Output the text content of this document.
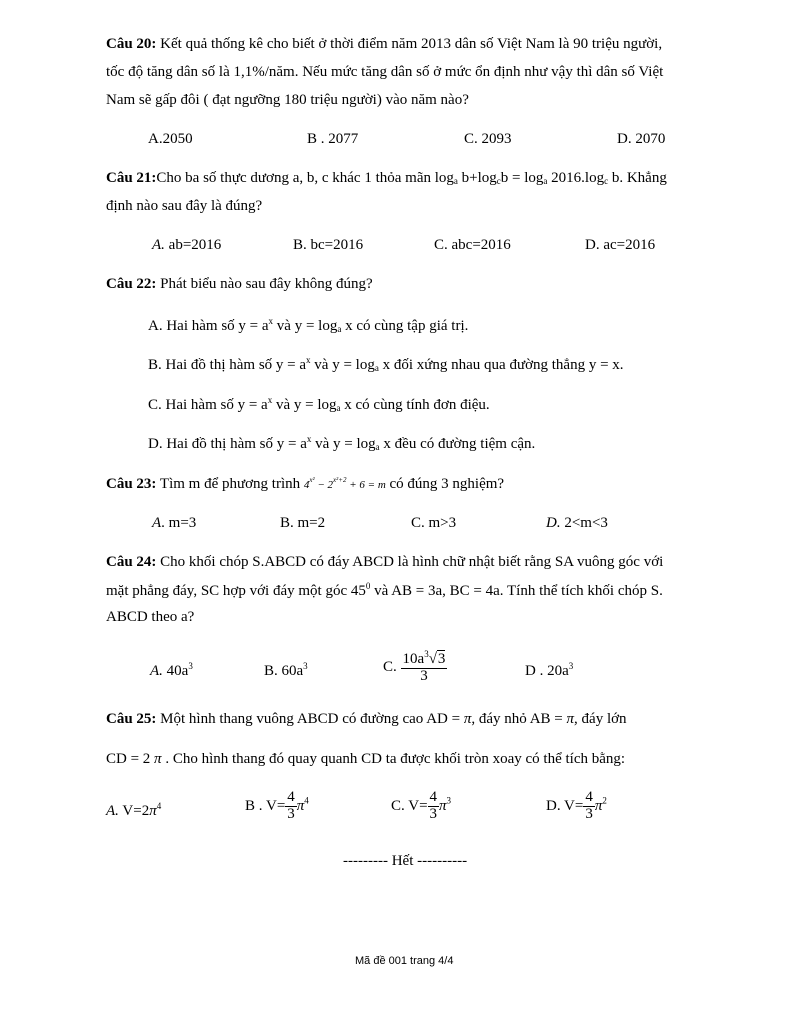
Câu 20: Kết quả thống kê cho biết ở thời điểm năm 2013 dân số Việt Nam là 90 triệu người,
tốc độ tăng dân số là 1,1%/năm. Nếu mức tăng dân số ở mức ổn định như vậy thì dân số Việt
Nam sẽ gấp đôi ( đạt ngưỡng 180 triệu người) vào năm nào?
A.2050	B . 2077	C. 2093	D. 2070
Câu 21:Cho ba số thực dương a, b, c khác 1 thỏa mãn $\log_a b+\log_cb = \log_a 2016.\log_c$ b. Khẳng
định nào sau đây là đúng?
A. ab=2016	B. bc=2016	C. abc=2016	D. ac=2016
Câu 22: Phát biểu nào sau đây không đúng?
A. Hai hàm số $y = a^x$ và $y = \log_a x$ có cùng tập giá trị.
B. Hai đồ thị hàm số $y = a^x$ và $y = \log_a x$ đối xứng nhau qua đường thẳng y = x.
C. Hai hàm số $y = a^x$ và $y = \log_a x$ có cùng tính đơn điệu.
D. Hai đồ thị hàm số $y = a^x$ và $y = \log_a x$ đều có đường tiệm cận.
Câu 23: Tìm m để phương trình $4^{x^2} - 2^{x^2+2} + 6 = m$ có đúng 3 nghiệm?
A. m=3	B. m=2	C. m>3	D. 2<m<3
Câu 24: Cho khối chóp S.ABCD có đáy ABCD là hình chữ nhật biết rằng SA vuông góc với
mặt phẳng đáy, SC hợp với đáy một góc $45^0$ và AB = 3a, BC = 4a. Tính thể tích khối chóp S.
ABCD theo a?
A. $40a^3$	B. $60a^3$	C. $\frac{10a^3√3}{3}$	D . $20a^3$
Câu 25: Một hình thang vuông ABCD có đường cao AD = π, đáy nhỏ AB = π, đáy lớn
CD = 2 π . Cho hình thang đó quay quanh CD ta được khối tròn xoay có thể tích bằng:
A. $V=2\pi^4$	B . $V= \frac{4}{3} \pi^4$	C. $V= \frac{4}{3} \pi^3$	D. $V= \frac{4}{3} \pi^2$
--------- Hết ----------
Mã đề 001 trang 4/4
